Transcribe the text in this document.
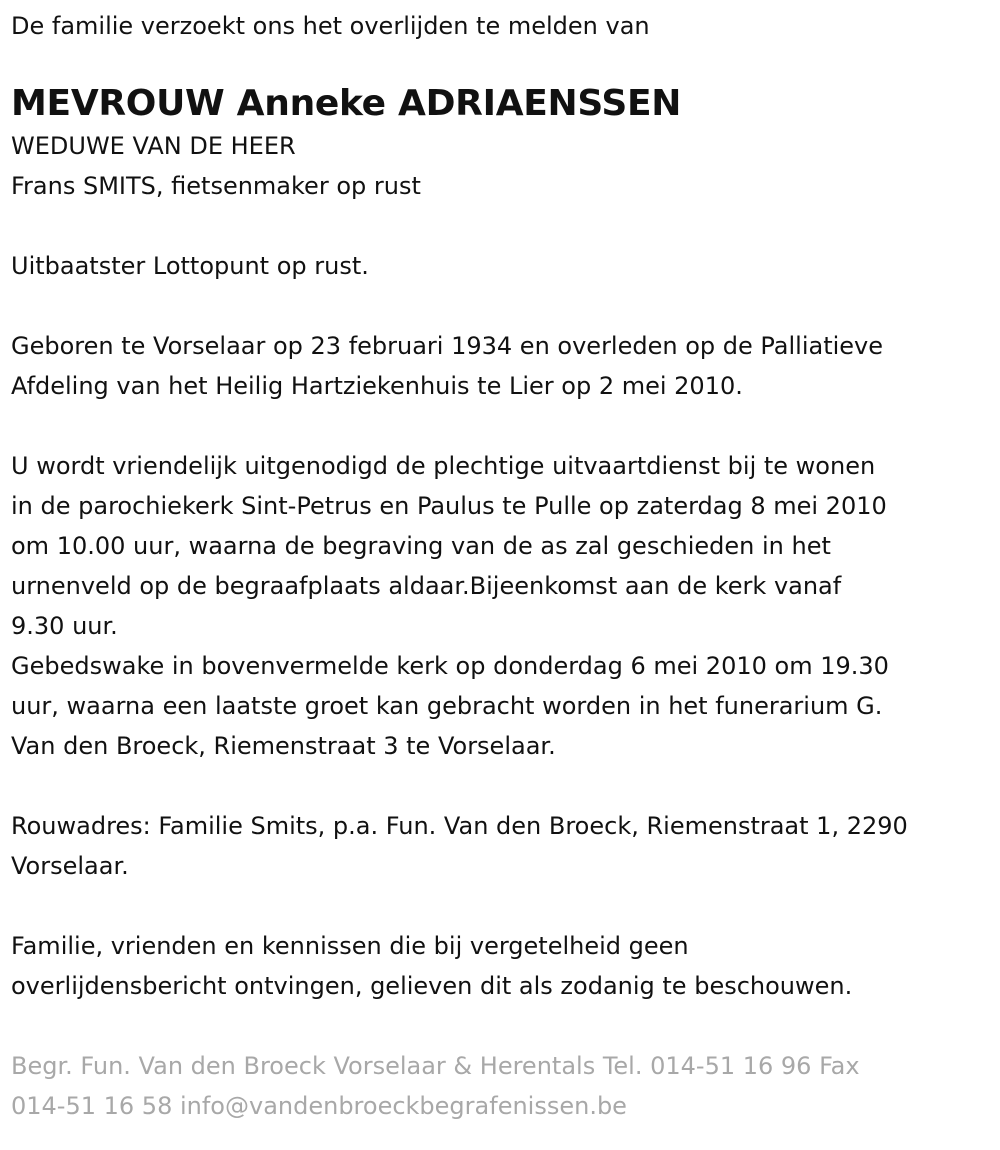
De familie verzoekt ons het overlijden te melden van

MEVROUW Anneke ADRIAENSSEN
WEDUWE VAN DE HEER
Frans SMITS, fietsenmaker op rust
Uitbaatster Lottopunt op rust.
Geboren te Vorselaar op 23 februari 1934 en overleden op de Palliatieve
Afdeling van het Heilig Hartziekenhuis te Lier op 2 mei 2010.
U wordt vriendelijk uitgenodigd de plechtige uitvaartdienst bij te wonen
in de parochiekerk Sint-Petrus en Paulus te Pulle op zaterdag 8 mei 2010
om 10.00 uur, waarna de begraving van de as zal geschieden in het
urnenveld op de begraafplaats aldaar.Bijeenkomst aan de kerk vanaf
9.30 uur.
Gebedswake in bovenvermelde kerk op donderdag 6 mei 2010 om 19.30
uur, waarna een laatste groet kan gebracht worden in het funerarium G.
Van den Broeck, Riemenstraat 3 te Vorselaar.
Rouwadres: Familie Smits, p.a. Fun. Van den Broeck, Riemenstraat 1, 2290
Vorselaar.
Familie, vrienden en kennissen die bij vergetelheid geen
overlijdensbericht ontvingen, gelieven dit als zodanig te beschouwen.
Begr. Fun. Van den Broeck Vorselaar & Herentals Tel. 014-51 16 96 Fax
014-51 16 58 info@vandenbroeckbegrafenissen.be
